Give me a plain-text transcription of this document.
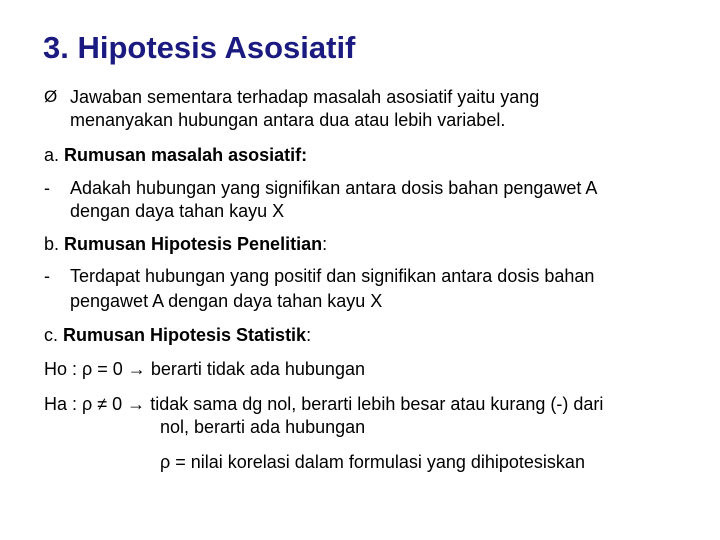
3. Hipotesis Asosiatif
Ø Jawaban sementara terhadap masalah asosiatif yaitu yang
menanyakan hubungan antara dua atau lebih variabel.
a. Rumusan masalah asosiatif:
- Adakah hubungan yang signifikan antara dosis bahan pengawet A
dengan daya tahan kayu X
b. Rumusan Hipotesis Penelitian:
- Terdapat hubungan yang positif dan signifikan antara dosis bahan
pengawet A dengan daya tahan kayu X
c. Rumusan Hipotesis Statistik:
Ho : ρ = 0 → berarti tidak ada hubungan
Ha : ρ ≠ 0 → tidak sama dg nol, berarti lebih besar atau kurang (-) dari
nol, berarti ada hubungan
ρ = nilai korelasi dalam formulasi yang dihipotesiskan
